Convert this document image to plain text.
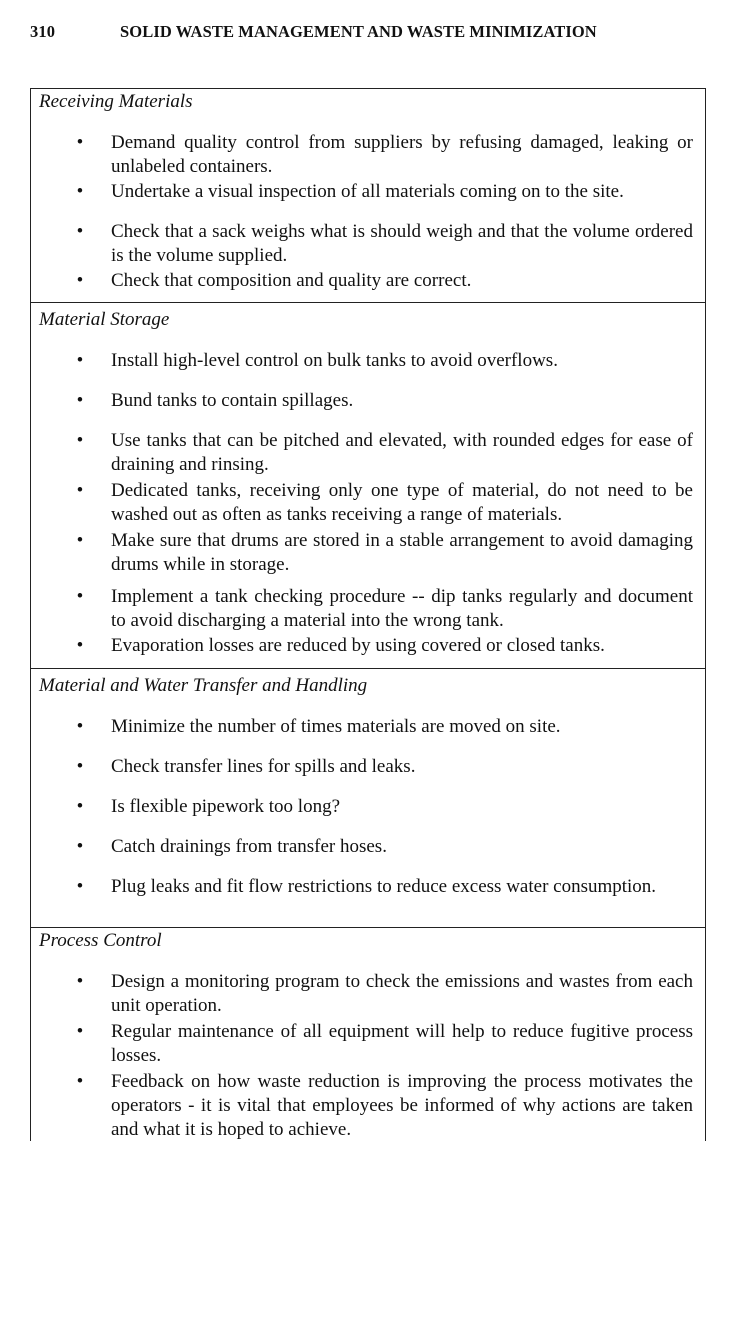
310	SOLID WASTE MANAGEMENT AND WASTE MINIMIZATION
Receiving Materials
• Demand quality control from suppliers by refusing damaged, leaking or unlabeled containers.
• Undertake a visual inspection of all materials coming on to the site.
• Check that a sack weighs what is should weigh and that the volume ordered is the volume supplied.
• Check that composition and quality are correct.
Material Storage
• Install high-level control on bulk tanks to avoid overflows.
• Bund tanks to contain spillages.
• Use tanks that can be pitched and elevated, with rounded edges for ease of draining and rinsing.
• Dedicated tanks, receiving only one type of material, do not need to be washed out as often as tanks receiving a range of materials.
• Make sure that drums are stored in a stable arrangement to avoid damaging drums while in storage.
• Implement a tank checking procedure -- dip tanks regularly and document to avoid discharging a material into the wrong tank.
• Evaporation losses are reduced by using covered or closed tanks.
Material and Water Transfer and Handling
• Minimize the number of times materials are moved on site.
• Check transfer lines for spills and leaks.
• Is flexible pipework too long?
• Catch drainings from transfer hoses.
• Plug leaks and fit flow restrictions to reduce excess water consumption.
Process Control
• Design a monitoring program to check the emissions and wastes from each unit operation.
• Regular maintenance of all equipment will help to reduce fugitive process losses.
• Feedback on how waste reduction is improving the process motivates the operators - it is vital that employees be informed of why actions are taken and what it is hoped to achieve.
